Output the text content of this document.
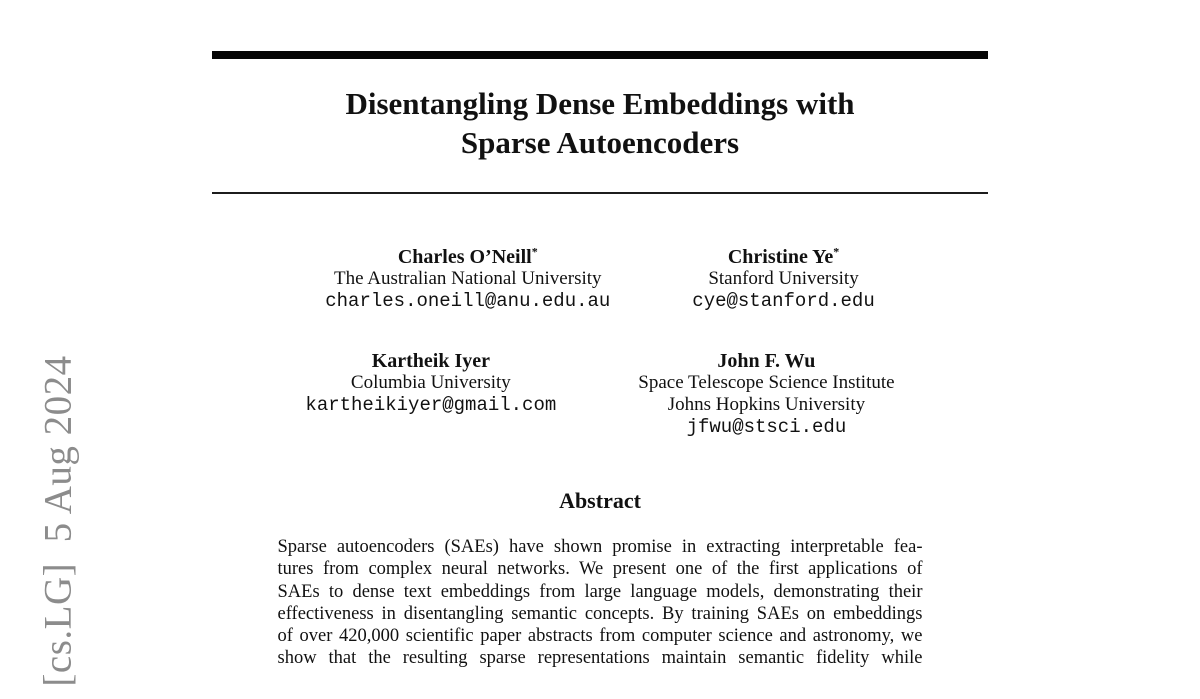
[cs.LG]  5 Aug 2024
Disentangling Dense Embeddings with
Sparse Autoencoders
Charles O’Neill*
The Australian National University
charles.oneill@anu.edu.au
Christine Ye*
Stanford University
cye@stanford.edu
Kartheik Iyer
Columbia University
kartheikiyer@gmail.com
John F. Wu
Space Telescope Science Institute
Johns Hopkins University
jfwu@stsci.edu
Abstract
Sparse autoencoders (SAEs) have shown promise in extracting interpretable fea-
tures from complex neural networks. We present one of the first applications of
SAEs to dense text embeddings from large language models, demonstrating their
effectiveness in disentangling semantic concepts. By training SAEs on embeddings
of over 420,000 scientific paper abstracts from computer science and astronomy, we
show that the resulting sparse representations maintain semantic fidelity while
